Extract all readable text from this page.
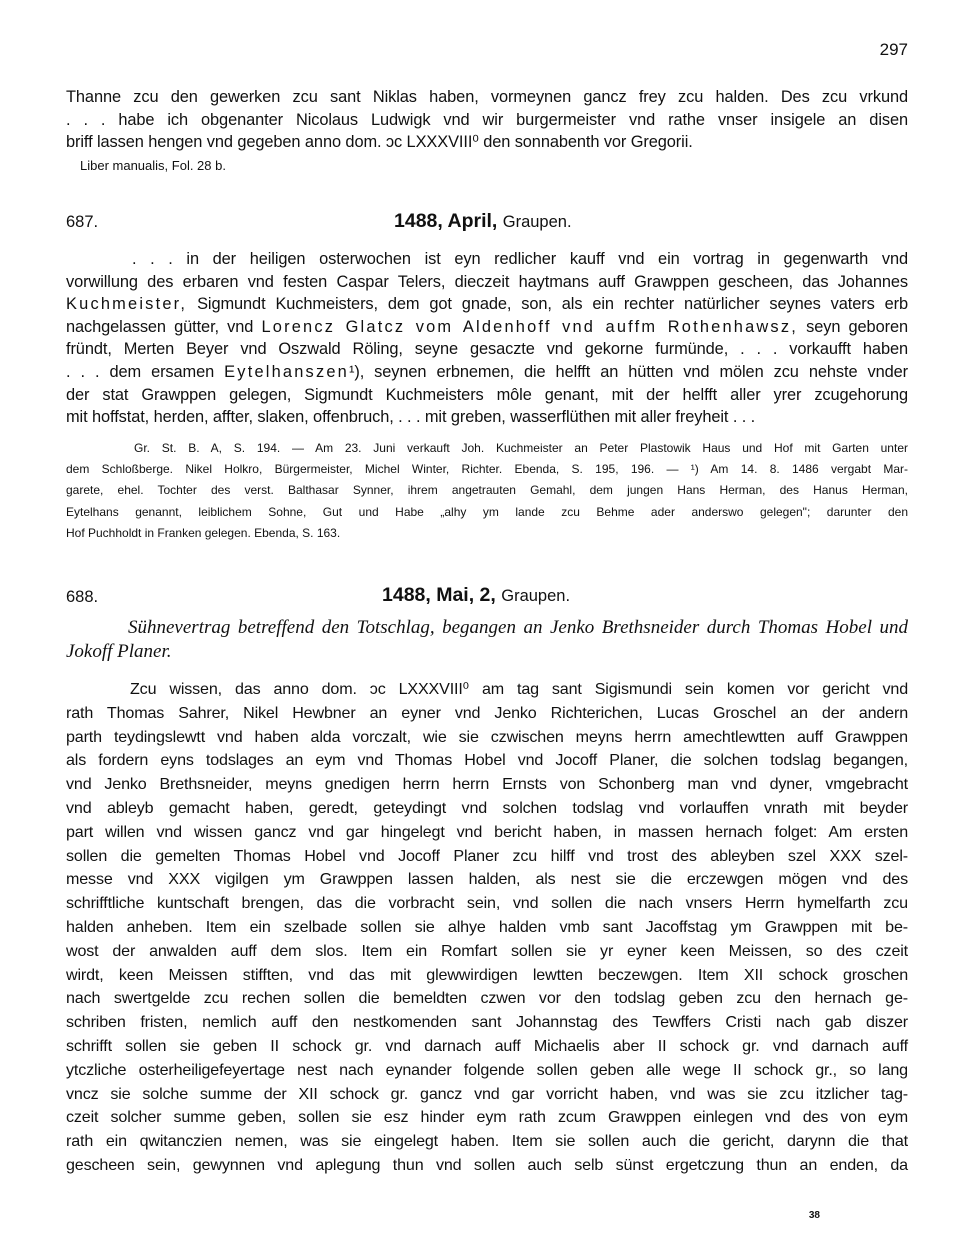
297
Thanne zcu den gewerken zcu sant Niklas haben, vormeynen gancz frey zcu halden. Des zcu vrkund
. . . habe ich obgenanter Nicolaus Ludwigk vnd wir burgermeister vnd rathe vnser insigele an disen
briff lassen hengen vnd gegeben anno dom. ɔc LXXXVIII⁰ den sonnabenth vor Gregorii.
Liber manualis, Fol. 28 b.
687.	1488, April, Graupen.
. . . in der heiligen osterwochen ist eyn redlicher kauff vnd ein vortrag in gegenwarth vnd
vorwillung des erbaren vnd festen Caspar Telers, dieczeit haytmans auff Grawppen gescheen, das Johannes
Kuchmeister, Sigmundt Kuchmeisters, dem got gnade, son, als ein rechter natürlicher seynes vaters erb
nachgelassen gütter, vnd Lorencz Glatcz vom Aldenhoff vnd auffm Rothenhawsz, seyn geboren
fründt, Merten Beyer vnd Oszwald Röling, seyne gesaczte vnd gekorne furmünde, . . . vorkaufft haben
. . . dem ersamen Eytelhanszen¹), seynen erbnemen, die helfft an hütten vnd mölen zcu nehste vnder
der stat Grawppen gelegen, Sigmundt Kuchmeisters môle genant, mit der helfft aller yrer zcugehorung
mit hoffstat, herden, affter, slaken, offenbruch, . . . mit greben, wasserflüthen mit aller freyheit . . .
Gr. St. B. A, S. 194. — Am 23. Juni verkauft Joh. Kuchmeister an Peter Plastowik Haus und Hof mit Garten unter
dem Schloßberge. Nikel Holkro, Bürgermeister, Michel Winter, Richter. Ebenda, S. 195, 196. — ¹) Am 14. 8. 1486 vergabt Mar-
garete, ehel. Tochter des verst. Balthasar Synner, ihrem angetrauten Gemahl, dem jungen Hans Herman, des Hanus Herman,
Eytelhans genannt, leiblichem Sohne, Gut und Habe „alhy ym lande zcu Behme ader anderswo gelegen"; darunter den
Hof Puchholdt in Franken gelegen. Ebenda, S. 163.
688.	1488, Mai, 2, Graupen.
Sühnevertrag betreffend den Totschlag, begangen an Jenko Brethsneider durch Thomas Hobel und
Jokoff Planer.
Zcu wissen, das anno dom. ɔc LXXXVIII⁰ am tag sant Sigismundi sein komen vor gericht vnd
rath Thomas Sahrer, Nikel Hewbner an eyner vnd Jenko Richterichen, Lucas Groschel an der andern
parth teydingslewtt vnd haben alda vorczalt, wie sie czwischen meyns herrn amechtlewtten auff Grawppen
als fordern eyns todslages an eym vnd Thomas Hobel vnd Jocoff Planer, die solchen todslag begangen,
vnd Jenko Brethsneider, meyns gnedigen herrn herrn Ernsts von Schonberg man vnd dyner, vmgebracht
vnd ableyb gemacht haben, geredt, geteydingt vnd solchen todslag vnd vorlauffen vnrath mit beyder
part willen vnd wissen gancz vnd gar hingelegt vnd bericht haben, in massen hernach folget: Am ersten
sollen die gemelten Thomas Hobel vnd Jocoff Planer zcu hilff vnd trost des ableyben szel XXX szel-
messe vnd XXX vigilgen ym Grawppen lassen halden, als nest sie die erczewgen mögen vnd des
schrifftliche kuntschaft brengen, das die vorbracht sein, vnd sollen die nach vnsers Herrn hymelfarth zcu
halden anheben. Item ein szelbade sollen sie alhye halden vmb sant Jacoffstag ym Grawppen mit be-
wost der anwalden auff dem slos. Item ein Romfart sollen sie yr eyner keen Meissen, so des czeit
wirdt, keen Meissen stifften, vnd das mit glewwirdigen lewtten beczewgen. Item XII schock groschen
nach swertgelde zcu rechen sollen die bemeldten czwen vor den todslag geben zcu den hernach ge-
schriben fristen, nemlich auff den nestkomenden sant Johannstag des Tewffers Cristi nach gab diszer
schrifft sollen sie geben II schock gr. vnd darnach auff Michaelis aber II schock gr. vnd darnach auff
ytczliche osterheiligefeyertage nest nach eynander folgende sollen geben alle wege II schock gr., so lang
vncz sie solche summe der XII schock gr. gancz vnd gar vorricht haben, vnd was sie zcu itzlicher tag-
czeit solcher summe geben, sollen sie esz hinder eym rath zcum Grawppen einlegen vnd des von eym
rath ein qwitanczien nemen, was sie eingelegt haben. Item sie sollen auch die gericht, darynn die that
gescheen sein, gewynnen vnd aplegung thun vnd sollen auch selb sünst ergetczung thun an enden, da
38
